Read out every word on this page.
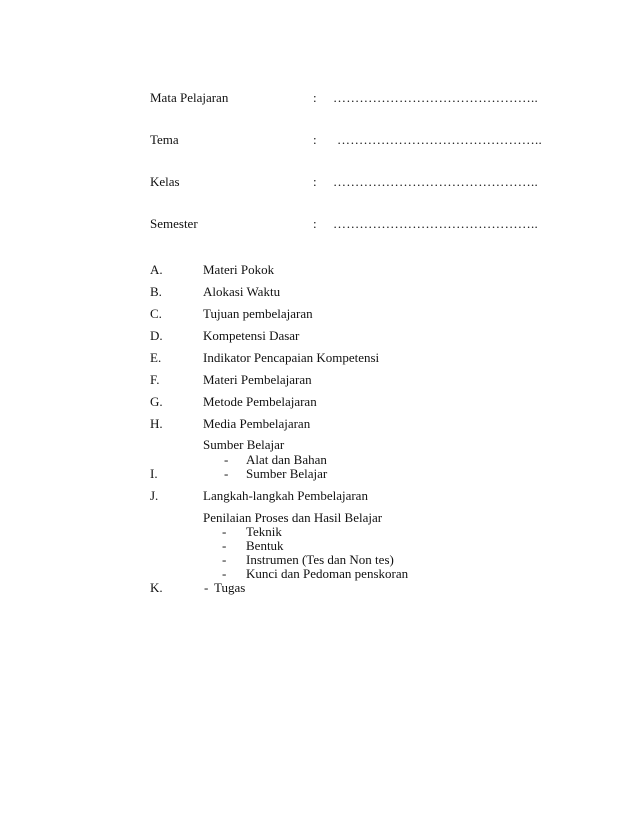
Mata Pelajaran	: ………………………………………..
Tema	: ………………………………………..
Kelas	: ………………………………………..
Semester	: ………………………………………..
A.	Materi Pokok
B.	Alokasi Waktu
C.	Tujuan pembelajaran
D.	Kompetensi Dasar
E.	Indikator Pencapaian Kompetensi
F.	Materi Pembelajaran
G.	Metode Pembelajaran
H.	Media Pembelajaran
Sumber Belajar
- Alat dan Bahan
I.	- Sumber Belajar
J.	Langkah-langkah Pembelajaran
Penilaian Proses dan Hasil Belajar
- Teknik
- Bentuk
- Instrumen (Tes dan Non tes)
- Kunci dan Pedoman penskoran
K.	- Tugas
